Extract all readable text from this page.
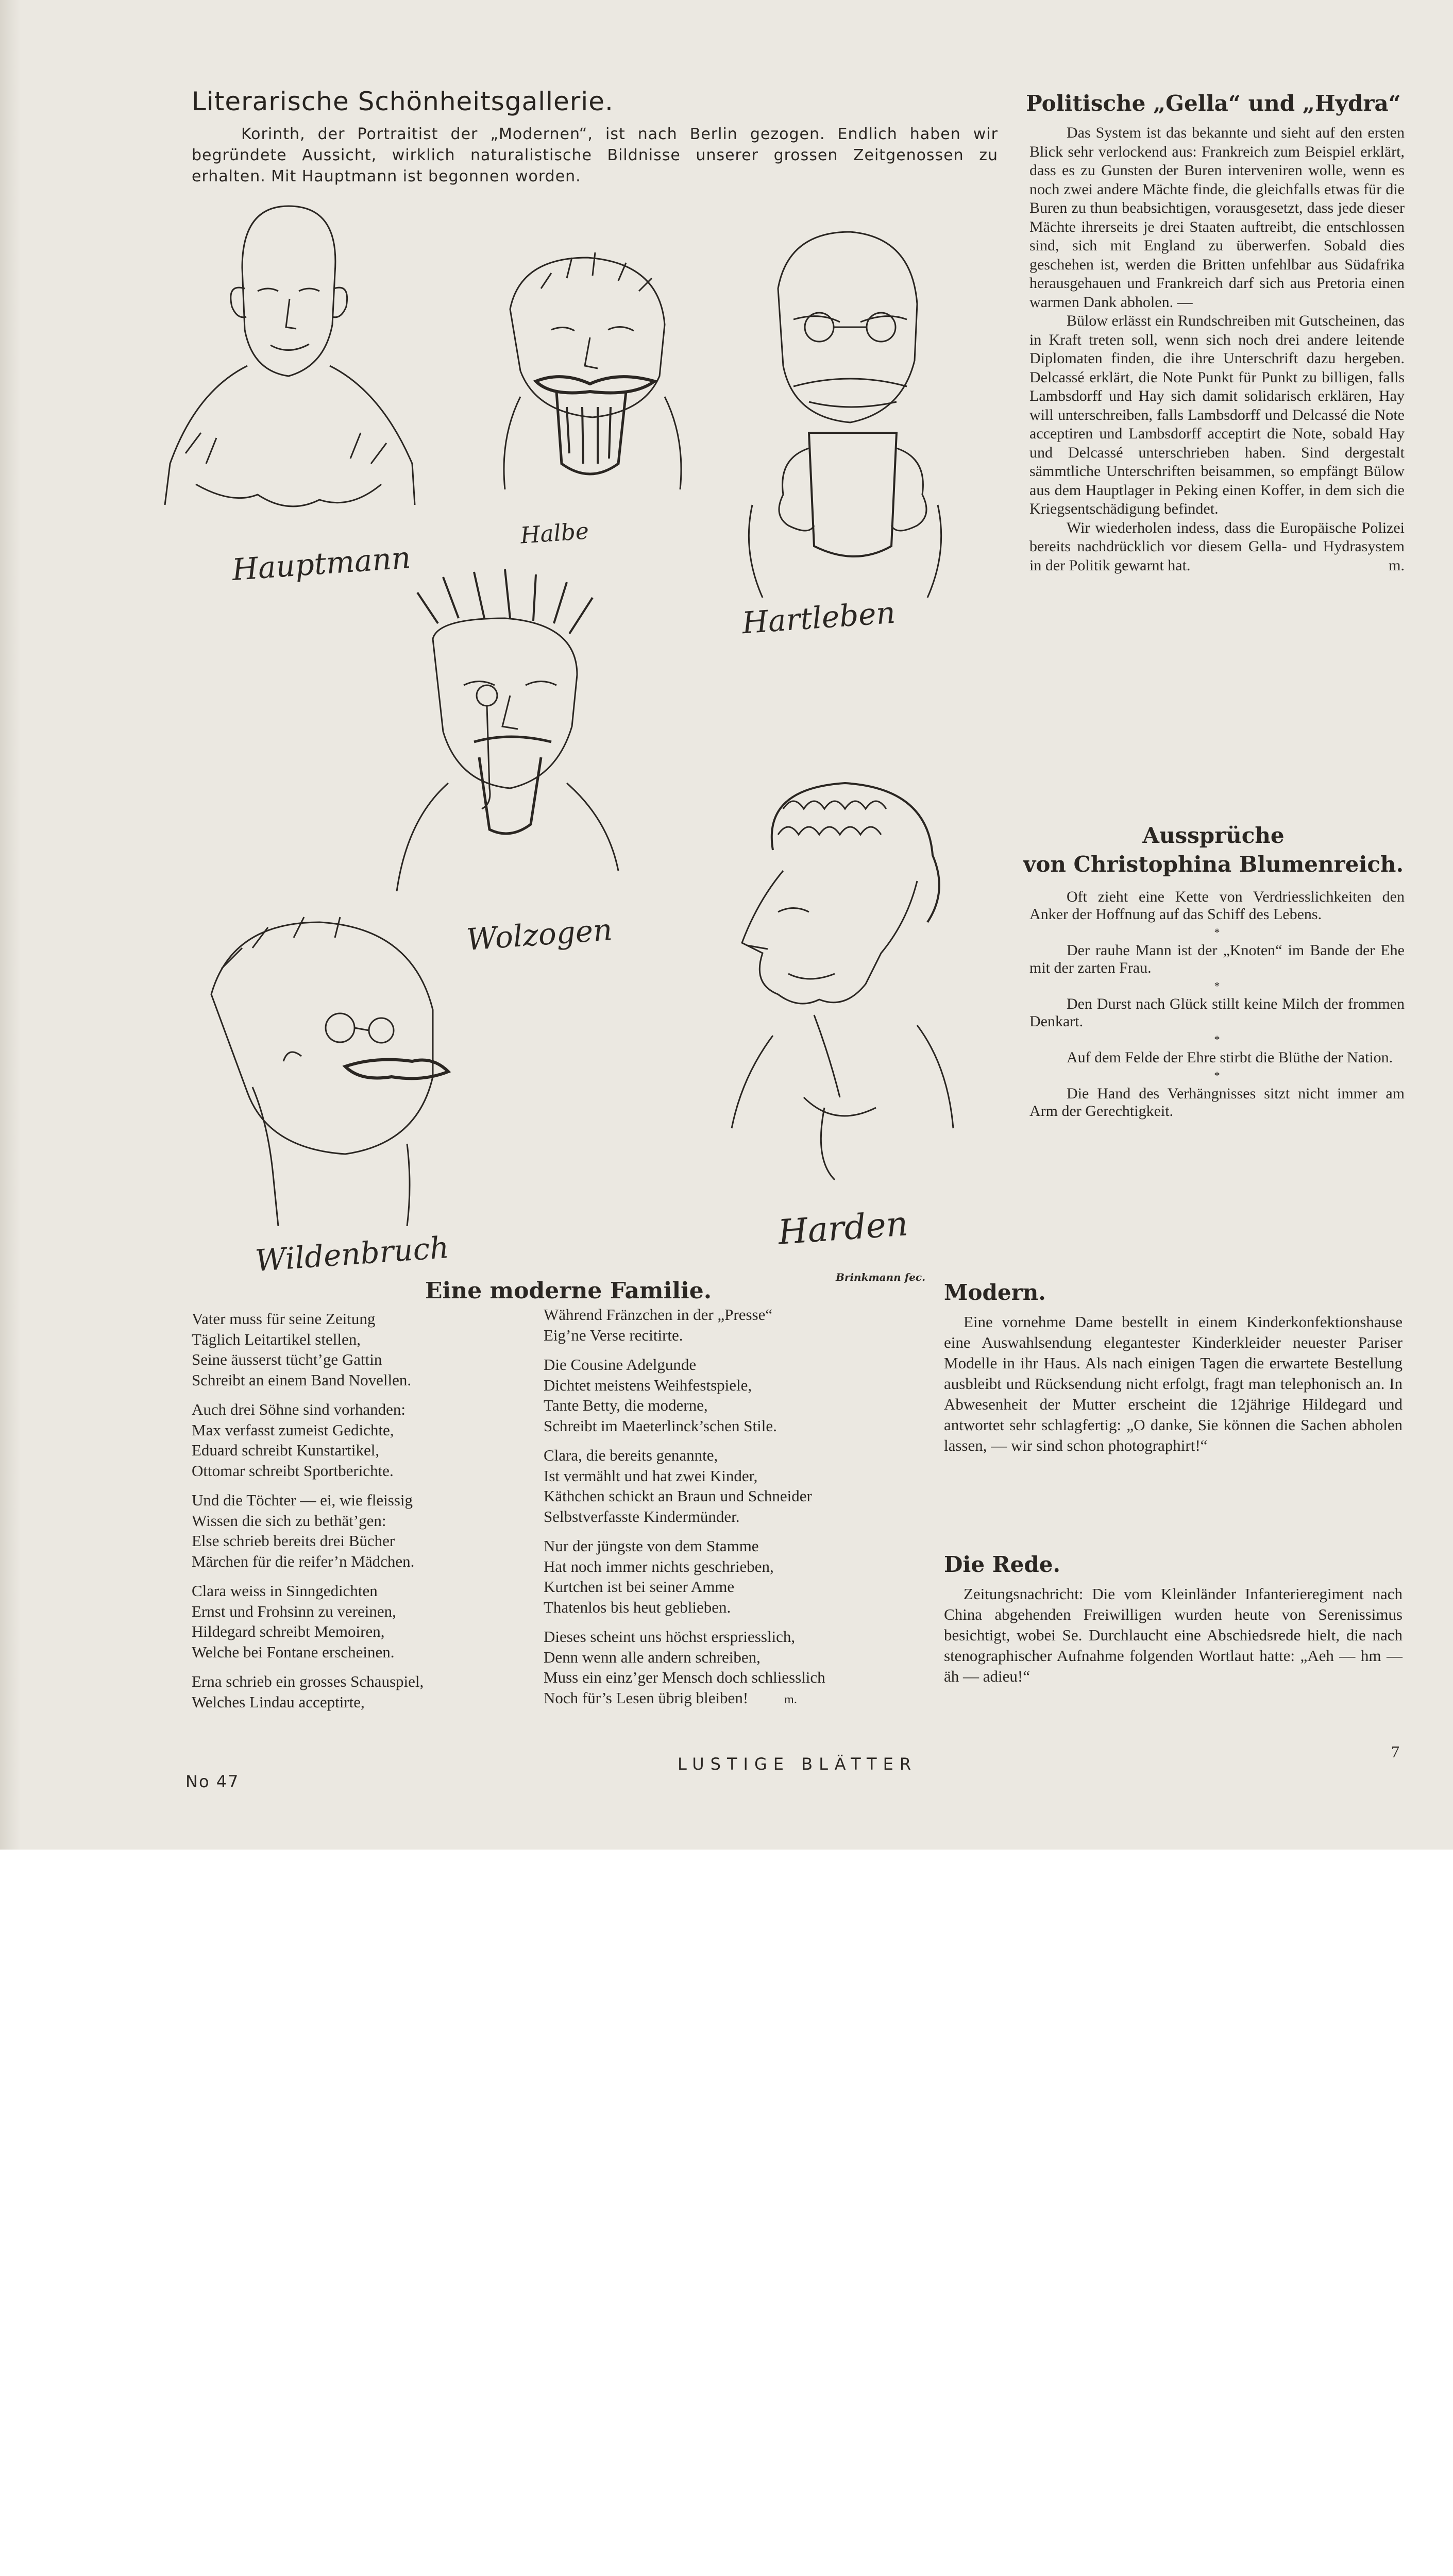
Literarische Schönheitsgallerie.
Korinth, der Portraitist der „Modernen“, ist nach Berlin gezogen. Endlich haben wir begründete Aussicht, wirklich naturalistische Bildnisse unserer grossen Zeitgenossen zu erhalten. Mit Hauptmann ist begonnen worden.
Hauptmann
Halbe
Hartleben
Wolzogen
Wildenbruch
Harden
Brinkmann fec.
Politische „Gella“ und „Hydra“

Das System ist das bekannte und sieht auf den ersten Blick sehr verlockend aus: Frankreich zum Beispiel erklärt, dass es zu Gunsten der Buren interveniren wolle, wenn es noch zwei andere Mächte finde, die gleichfalls etwas für die Buren zu thun beabsichtigen, vorausgesetzt, dass jede dieser Mächte ihrerseits je drei Staaten auftreibt, die entschlossen sind, sich mit England zu überwerfen. Sobald dies geschehen ist, werden die Britten unfehlbar aus Südafrika herausgehauen und Frankreich darf sich aus Pretoria einen warmen Dank abholen. —

Bülow erlässt ein Rundschreiben mit Gutscheinen, das in Kraft treten soll, wenn sich noch drei andere leitende Diplomaten finden, die ihre Unterschrift dazu hergeben. Delcassé erklärt, die Note Punkt für Punkt zu billigen, falls Lambsdorff und Hay sich damit solidarisch erklären, Hay will unterschreiben, falls Lambsdorff und Delcassé die Note acceptiren und Lambsdorff acceptirt die Note, sobald Hay und Delcassé unterschrieben haben. Sind dergestalt sämmtliche Unterschriften beisammen, so empfängt Bülow aus dem Hauptlager in Peking einen Koffer, in dem sich die Kriegsentschädigung befindet.

Wir wiederholen indess, dass die Europäische Polizei bereits nachdrücklich vor diesem Gella- und Hydrasystem in der Politik gewarnt hat.	m.

Aussprüche
von Christophina Blumenreich.

Oft zieht eine Kette von Verdriesslichkeiten den Anker der Hoffnung auf das Schiff des Lebens.

*

Der rauhe Mann ist der „Knoten“ im Bande der Ehe mit der zarten Frau.

*

Den Durst nach Glück stillt keine Milch der frommen Denkart.

*

Auf dem Felde der Ehre stirbt die Blüthe der Nation.

*

Die Hand des Verhängnisses sitzt nicht immer am Arm der Gerechtigkeit.

Eine moderne Familie.
Vater muss für seine Zeitung
Täglich Leitartikel stellen,
Seine äusserst tücht’ge Gattin
Schreibt an einem Band Novellen.
Auch drei Söhne sind vorhanden:
Max verfasst zumeist Gedichte,
Eduard schreibt Kunstartikel,
Ottomar schreibt Sportberichte.
Und die Töchter — ei, wie fleissig
Wissen die sich zu bethät’gen:
Else schrieb bereits drei Bücher
Märchen für die reifer’n Mädchen.
Clara weiss in Sinngedichten
Ernst und Frohsinn zu vereinen,
Hildegard schreibt Memoiren,
Welche bei Fontane erscheinen.
Erna schrieb ein grosses Schauspiel,
Welches Lindau acceptirte,
Während Fränzchen in der „Presse“
Eig’ne Verse recitirte.
Die Cousine Adelgunde
Dichtet meistens Weihfestspiele,
Tante Betty, die moderne,
Schreibt im Maeterlinck’schen Stile.
Clara, die bereits genannte,
Ist vermählt und hat zwei Kinder,
Käthchen schickt an Braun und Schneider
Selbstverfasste Kindermünder.
Nur der jüngste von dem Stamme
Hat noch immer nichts geschrieben,
Kurtchen ist bei seiner Amme
Thatenlos bis heut geblieben.
Dieses scheint uns höchst erspriesslich,
Denn wenn alle andern schreiben,
Muss ein einz’ger Mensch doch schliesslich
Noch für’s Lesen übrig bleiben!	m.
Modern.

Eine vornehme Dame bestellt in einem Kinderkonfektionshause eine Auswahlsendung elegantester Kinderkleider neuester Pariser Modelle in ihr Haus. Als nach einigen Tagen die erwartete Bestellung ausbleibt und Rücksendung nicht erfolgt, fragt man telephonisch an. In Abwesenheit der Mutter erscheint die 12jährige Hildegard und antwortet sehr schlagfertig: „O danke, Sie können die Sachen abholen lassen, — wir sind schon photographirt!“

Die Rede.

Zeitungsnachricht: Die vom Kleinländer Infanterieregiment nach China abgehenden Freiwilligen wurden heute von Serenissimus besichtigt, wobei Se. Durchlaucht eine Abschiedsrede hielt, die nach stenographischer Aufnahme folgenden Wortlaut hatte: „Aeh — hm — äh — adieu!“

7
No 47
LUSTIGE BLÄTTER
